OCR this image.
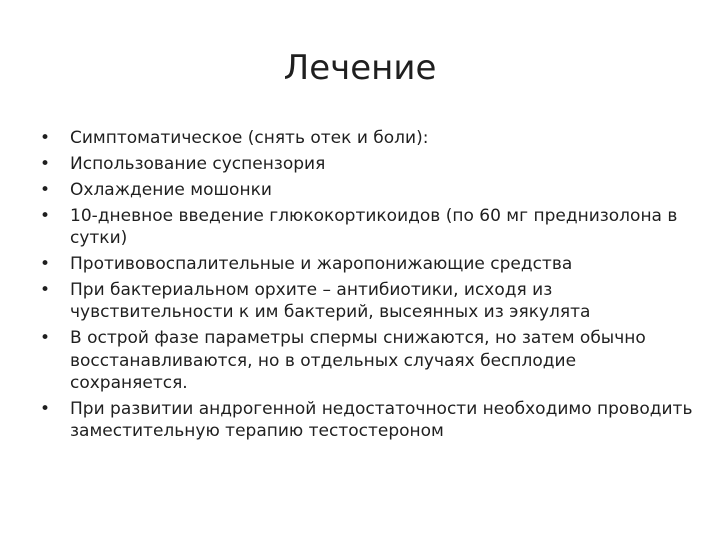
Лечение
• Симптоматическое (снять отек и боли):
• Использование суспензория
• Охлаждение мошонки
• 10-дневное введение глюкокортикоидов (по 60 мг преднизолона в сутки)
• Противовоспалительные и жаропонижающие средства
• При бактериальном орхите – антибиотики, исходя из чувствительности к им бактерий, высеянных из эякулята
• В острой фазе параметры спермы снижаются, но затем обычно восстанавливаются, но в отдельных случаях бесплодие сохраняется.
• При развитии андрогенной недостаточности необходимо проводить заместительную терапию тестостероном
